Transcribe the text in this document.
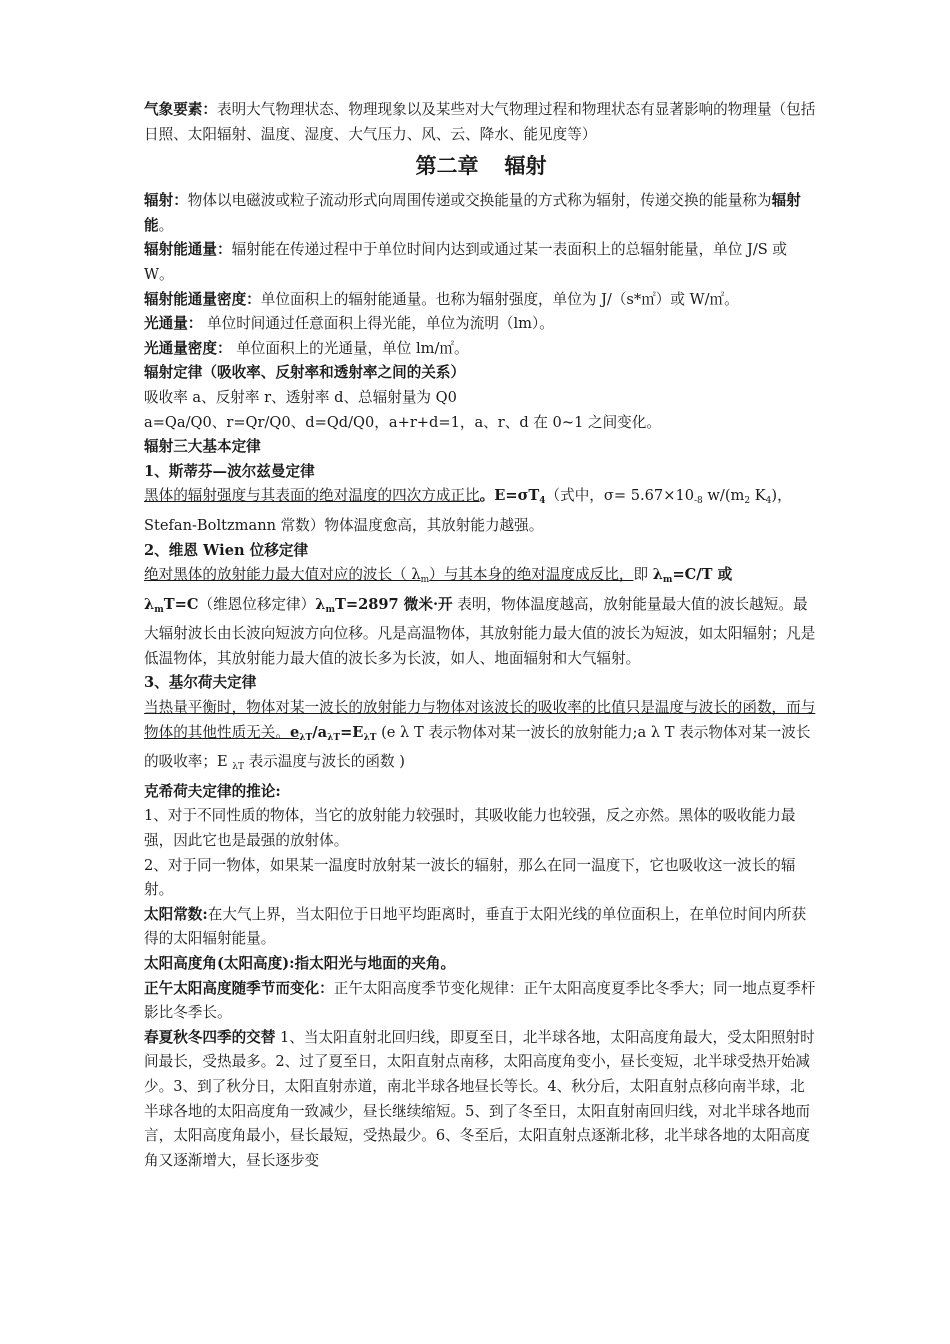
气象要素：表明大气物理状态、物理现象以及某些对大气物理过程和物理状态有显著影响的物理量（包括日照、太阳辐射、温度、湿度、大气压力、风、云、降水、能见度等）

第二章 辐射

辐射：物体以电磁波或粒子流动形式向周围传递或交换能量的方式称为辐射，传递交换的能量称为辐射能。

辐射能通量：辐射能在传递过程中于单位时间内达到或通过某一表面积上的总辐射能量，单位 J/S 或 W。

辐射能通量密度：单位面积上的辐射能通量。也称为辐射强度，单位为 J/（s*㎡）或 W/㎡。

光通量： 单位时间通过任意面积上得光能，单位为流明（lm）。

光通量密度： 单位面积上的光通量，单位 lm/㎡。

辐射定律（吸收率、反射率和透射率之间的关系）

吸收率 a、反射率 r、透射率 d、总辐射量为 Q0

a=Qa/Q0、r=Qr/Q0、d=Qd/Q0，a+r+d=1，a、r、d 在 0~1 之间变化。

辐射三大基本定律

1、斯蒂芬—波尔兹曼定律

黑体的辐射强度与其表面的绝对温度的四次方成正比。$E=\sigma T_4$（式中，$\sigma= 5.67\times 10_{-8}$ $w/(m_2$ $K_4$)，
Stefan-Boltzmann 常数）物体温度愈高，其放射能力越强。

2、维恩 Wien 位移定律

绝对黑体的放射能力最大值对应的波长（ $\lambda_m$）与其本身的绝对温度成反比，即 $\lambda_m=C/T$ 或
$\lambda_mT=C$（维恩位移定律）$\lambda_mT=2897$ 微米·开 表明，物体温度越高，放射能量最大值的波长越短。最大辐射波长由长波向短波方向位移。凡是高温物体，其放射能力最大值的波长为短波，如太阳辐射；凡是低温物体，其放射能力最大值的波长多为长波，如人、地面辐射和大气辐射。

3、基尔荷夫定律

当热量平衡时，物体对某一波长的放射能力与物体对该波长的吸收率的比值只是温度与波长的函数，而与物体的其他性质无关。$e_{\lambda T}/a_{\lambda T}=E_{\lambda T}$ (e λ T 表示物体对某一波长的放射能力;a λ T 表示物体对某一波长的吸收率；E $_{\lambda T}$ 表示温度与波长的函数 )

克希荷夫定律的推论:

1、对于不同性质的物体，当它的放射能力较强时，其吸收能力也较强，反之亦然。黑体的吸收能力最强，因此它也是最强的放射体。

2、对于同一物体，如果某一温度时放射某一波长的辐射，那么在同一温度下，它也吸收这一波长的辐射。

太阳常数:在大气上界，当太阳位于日地平均距离时，垂直于太阳光线的单位面积上，在单位时间内所获得的太阳辐射能量。

太阳高度角(太阳高度):指太阳光与地面的夹角。

正午太阳高度随季节而变化：正午太阳高度季节变化规律：正午太阳高度夏季比冬季大；同一地点夏季杆影比冬季长。

春夏秋冬四季的交替 1、当太阳直射北回归线，即夏至日，北半球各地，太阳高度角最大，受太阳照射时间最长，受热最多。2、过了夏至日，太阳直射点南移，太阳高度角变小，昼长变短，北半球受热开始减少。3、到了秋分日，太阳直射赤道，南北半球各地昼长等长。4、秋分后，太阳直射点移向南半球，北半球各地的太阳高度角一致减少，昼长继续缩短。5、到了冬至日，太阳直射南回归线，对北半球各地而言，太阳高度角最小，昼长最短，受热最少。6、冬至后，太阳直射点逐渐北移，北半球各地的太阳高度角又逐渐增大，昼长逐步变
